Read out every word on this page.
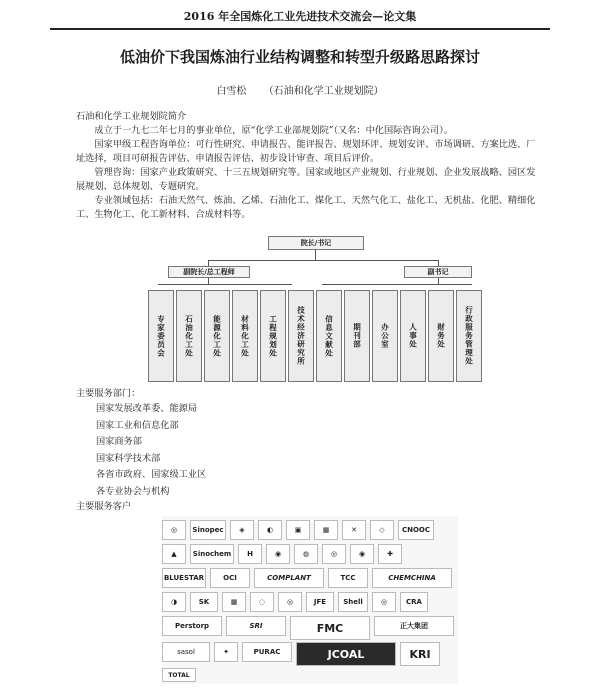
2016 年全国炼化工业先进技术交流会—论文集
低油价下我国炼油行业结构调整和转型升级路思路探讨
白雪松 （石油和化学工业规划院）
石油和化学工业规划院简介

成立于一九七二年七月的事业单位，原“化学工业部规划院”（又名：中化国际咨询公司）。

国家甲级工程咨询单位：可行性研究、申请报告、能评报告、规划环评、规划安评、市场调研、方案比选、厂址选择，项目可研报告评估、申请报告评估、初步设计审查、项目后评价。

管理咨询：国家产业政策研究、十三五规划研究等。国家或地区产业规划、行业规划、企业发展战略、园区发展规划、总体规划、专题研究。

专业领域包括：石油天然气、炼油、乙烯、石油化工、煤化工、天然气化工、盐化工、无机盐、化肥、精细化工、生物化工、化工新材料、合成材料等。

院长/书记
副院长/总工程师	副书记
专家委员会	石油化工处	能源化工处	材料化工处	工程规划处	技术经济研究所	信息文献处	期刊部	办公室	人事处	财务处	行政服务管理处
主要服务部门：
国家发展改革委、能源局
国家工业和信息化部
国家商务部
国家科学技术部
各省市政府、国家级工业区
各专业协会与机构
主要服务客户
◎	Sinopec	◈	◐	▣	▦	✕	◇	CNOOC
▲	Sinochem	H	◉	◍	◎	◉	✚
BLUESTAR	OCI	COMPLANT	TCC	CHEMCHINA
◑	SK	▦	◌	◎	JFE	Shell	◎	CRA
Perstorp	SRI	FMC	正大集团
sasol	✦	PURAC	JCOAL	KRI
TOTAL
